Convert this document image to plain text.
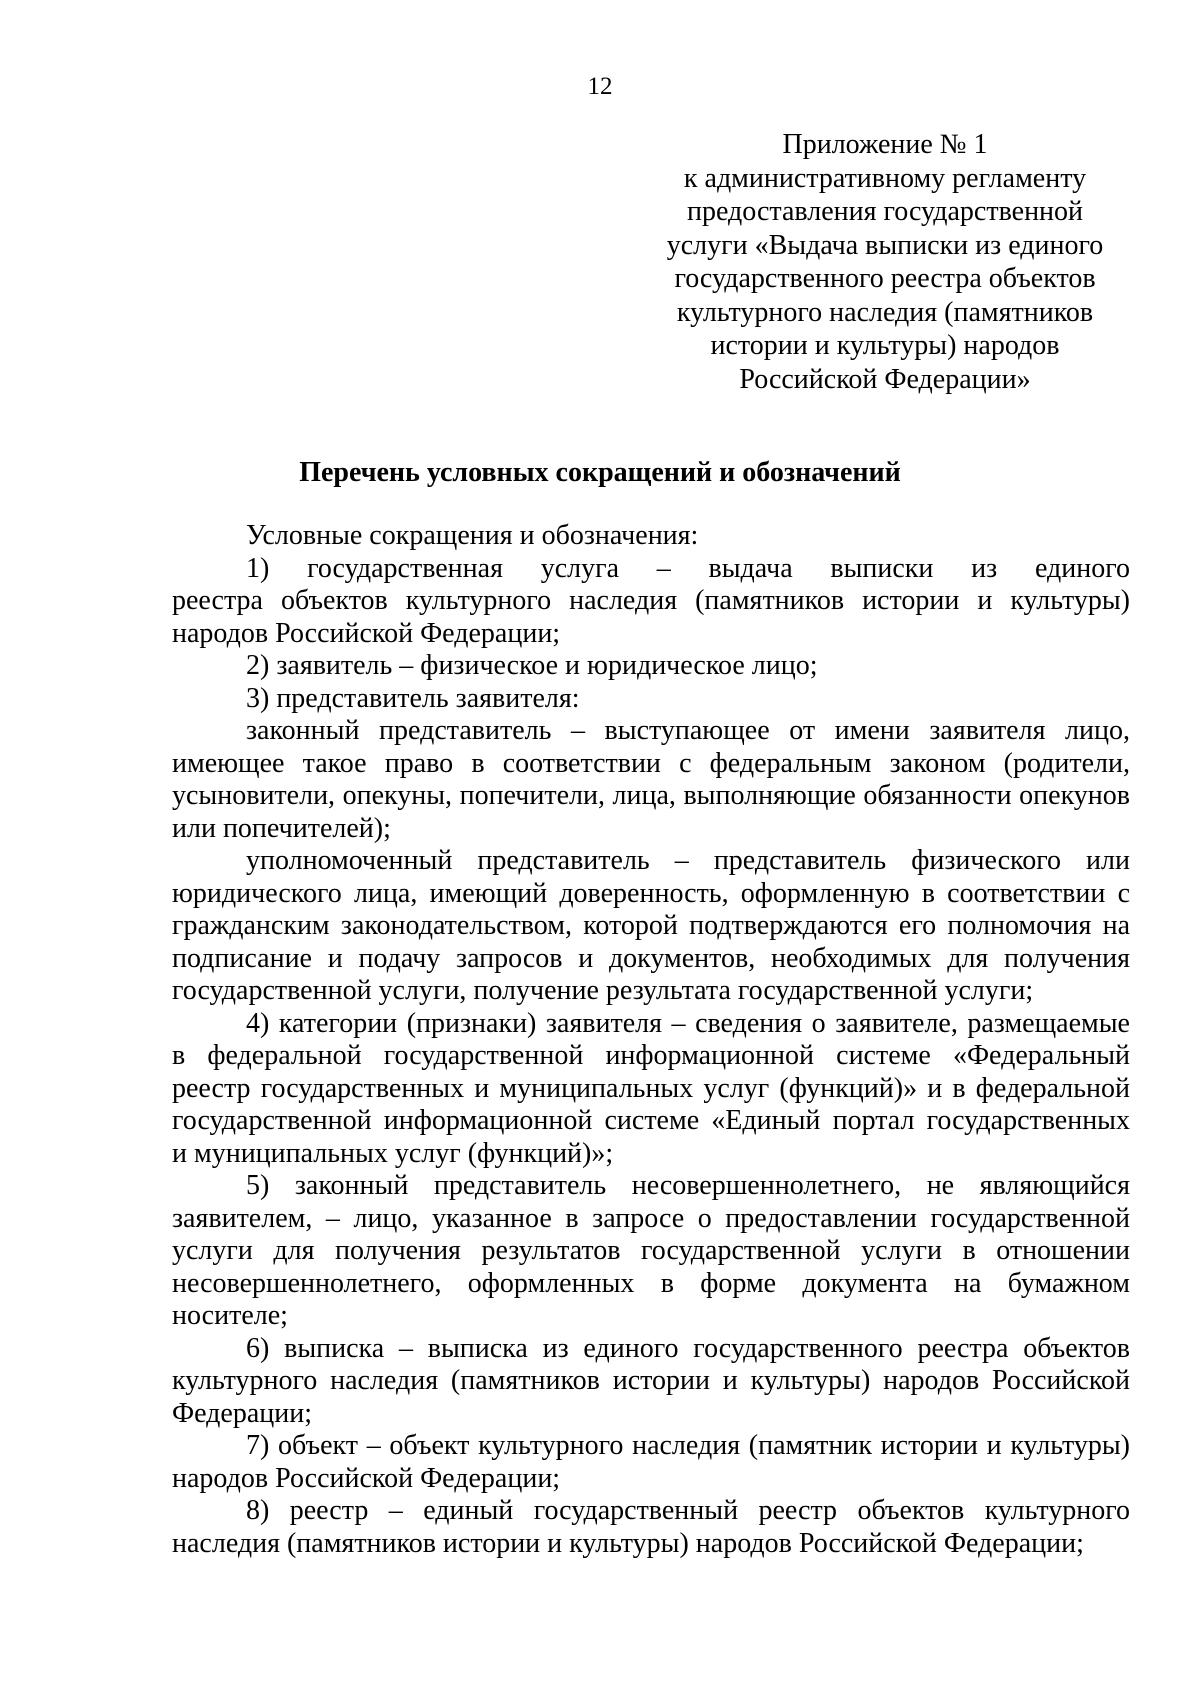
12
Приложение № 1
к административному регламенту
предоставления государственной
услуги «Выдача выписки из единого
государственного реестра объектов
культурного наследия (памятников
истории и культуры) народов
Российской Федерации»
Перечень условных сокращений и обозначений
Условные сокращения и обозначения:
1) государственная услуга – выдача выписки из единого
реестра объектов культурного наследия (памятников истории и культуры)
народов Российской Федерации;
2) заявитель – физическое и юридическое лицо;
3) представитель заявителя:
законный представитель – выступающее от имени заявителя лицо,
имеющее такое право в соответствии с федеральным законом (родители,
усыновители, опекуны, попечители, лица, выполняющие обязанности опекунов
или попечителей);
уполномоченный представитель – представитель физического или
юридического лица, имеющий доверенность, оформленную в соответствии с
гражданским законодательством, которой подтверждаются его полномочия на
подписание и подачу запросов и документов, необходимых для получения
государственной услуги, получение результата государственной услуги;
4) категории (признаки) заявителя – сведения о заявителе, размещаемые
в федеральной государственной информационной системе «Федеральный
реестр государственных и муниципальных услуг (функций)» и в федеральной
государственной информационной системе «Единый портал государственных
и муниципальных услуг (функций)»;
5) законный представитель несовершеннолетнего, не являющийся
заявителем, – лицо, указанное в запросе о предоставлении государственной
услуги для получения результатов государственной услуги в отношении
несовершеннолетнего, оформленных в форме документа на бумажном
носителе;
6) выписка – выписка из единого государственного реестра объектов
культурного наследия (памятников истории и культуры) народов Российской
Федерации;
7) объект – объект культурного наследия (памятник истории и культуры)
народов Российской Федерации;
8) реестр – единый государственный реестр объектов культурного
наследия (памятников истории и культуры) народов Российской Федерации;
